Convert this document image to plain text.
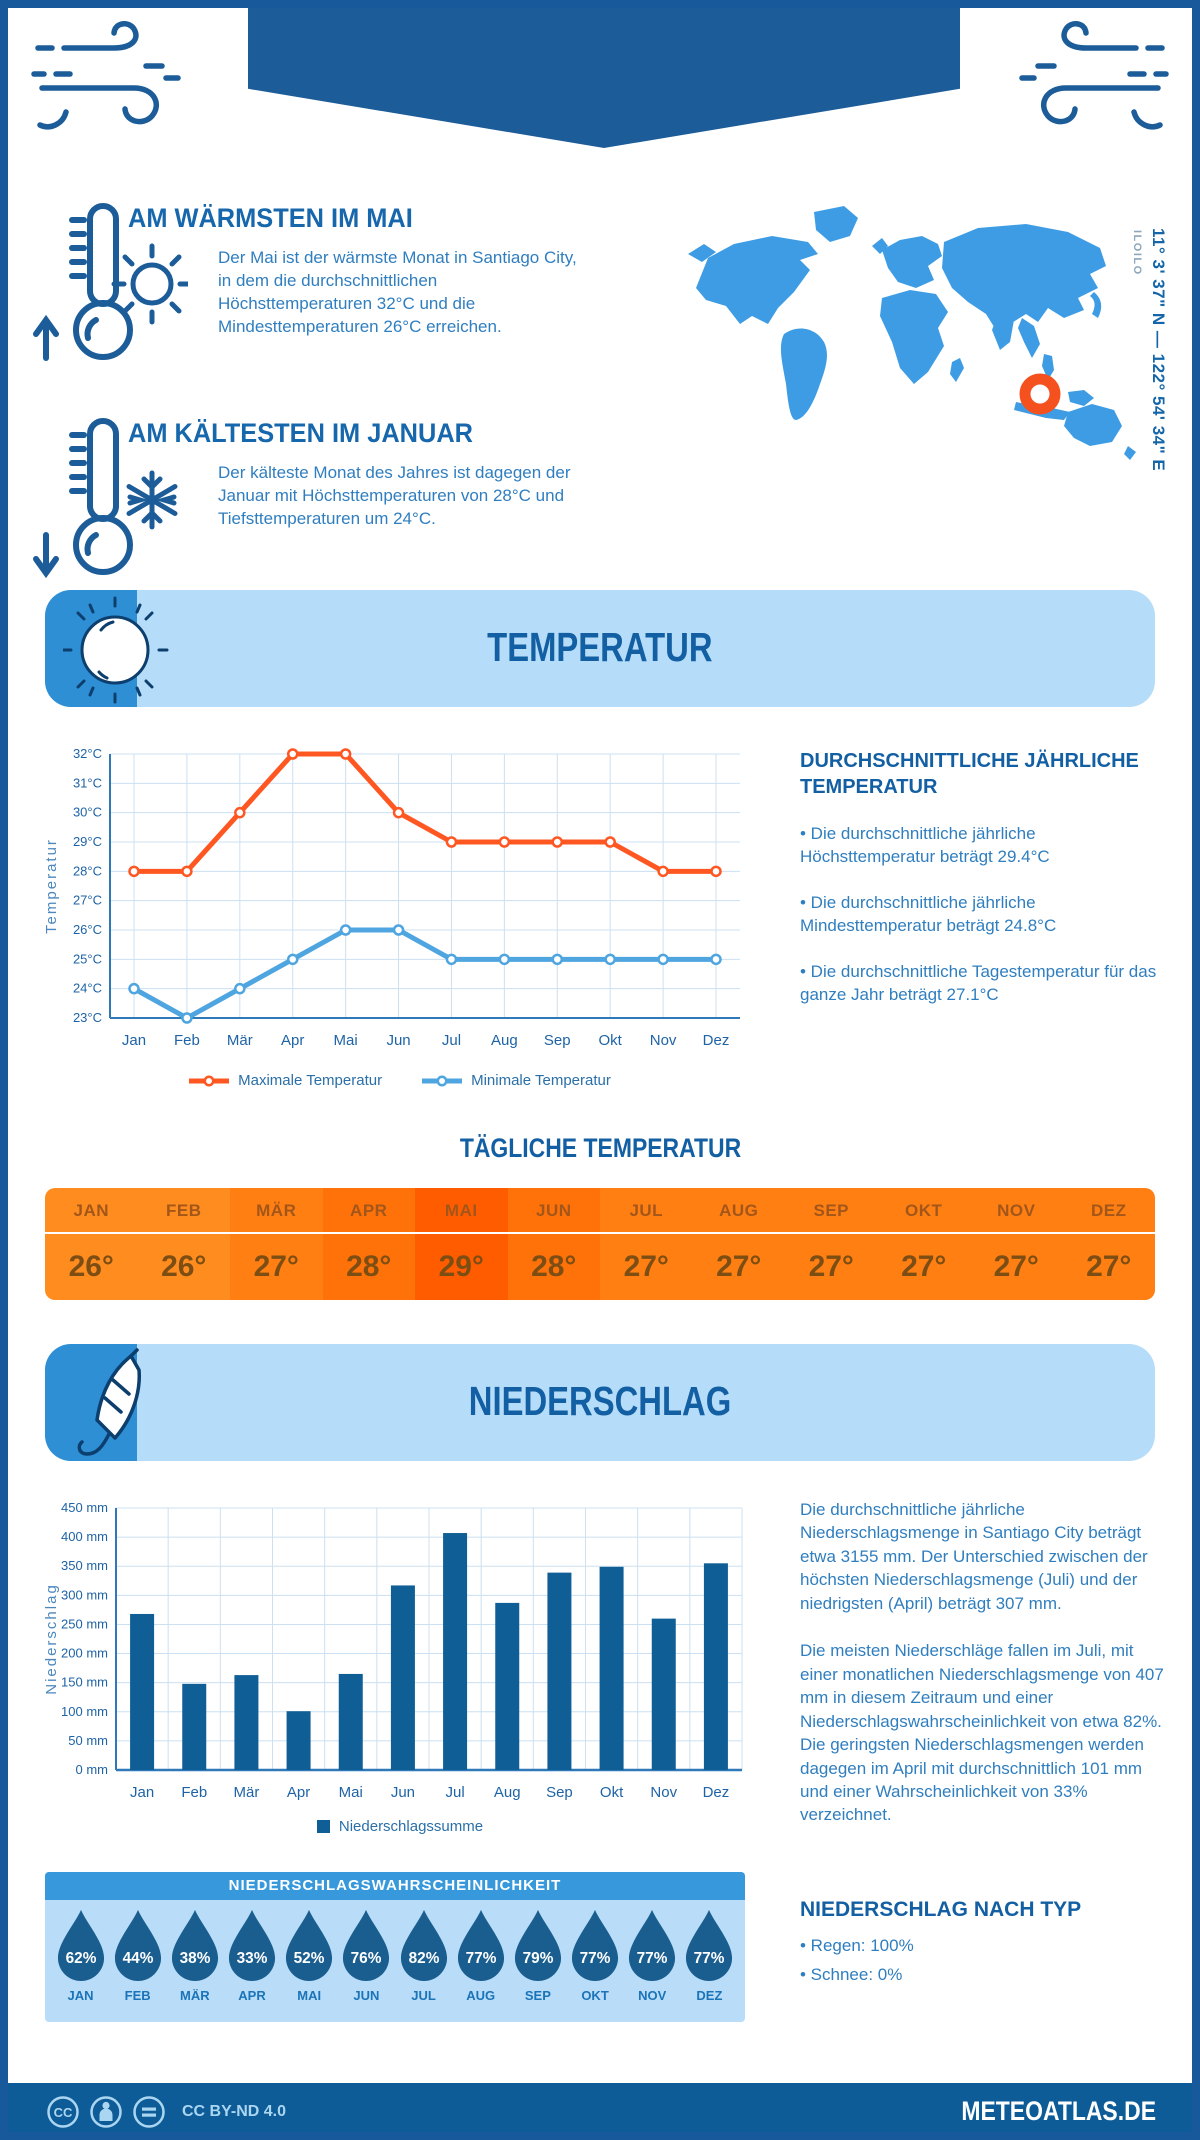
AM WÄRMSTEN IM MAI
Der Mai ist der wärmste Monat in Santiago City, in dem die durchschnittlichen Höchsttemperaturen 32°C und die Mindesttemperaturen 26°C erreichen.
AM KÄLTESTEN IM JANUAR
Der kälteste Monat des Jahres ist dagegen der Januar mit Höchsttemperaturen von 28°C und Tiefsttemperaturen um 24°C.
ILOILO 11° 3' 37" N — 122° 54' 34" E
TEMPERATUR
23°C
24°C
25°C
26°C
27°C
28°C
29°C
30°C
31°C
32°C
Jan Feb Mär Apr Mai Jun Jul Aug Sep Okt Nov Dez
Temperatur
Maximale Temperatur	Minimale Temperatur
DURCHSCHNITTLICHE JÄHRLICHE TEMPERATUR

• Die durchschnittliche jährliche Höchsttemperatur beträgt 29.4°C

• Die durchschnittliche jährliche Mindesttemperatur beträgt 24.8°C

• Die durchschnittliche Tagestemperatur für das ganze Jahr beträgt 27.1°C

TÄGLICHE TEMPERATUR
JAN
26°
FEB
26°
MÄR
27°
APR
28°
MAI
29°
JUN
28°
JUL
27°
AUG
27°
SEP
27°
OKT
27°
NOV
27°
DEZ
27°
NIEDERSCHLAG
0 mm
50 mm
100 mm
150 mm
200 mm
250 mm
300 mm
350 mm
400 mm
450 mm
Jan Feb Mär Apr Mai Jun Jul Aug Sep Okt Nov Dez
Niederschlag
Niederschlagssumme

Die durchschnittliche jährliche Niederschlagsmenge in Santiago City beträgt etwa 3155 mm. Der Unterschied zwischen der höchsten Niederschlagsmenge (Juli) und der niedrigsten (April) beträgt 307 mm.

Die meisten Niederschläge fallen im Juli, mit einer monatlichen Niederschlagsmenge von 407 mm in diesem Zeitraum und einer Niederschlagswahrscheinlichkeit von etwa 82%. Die geringsten Niederschlagsmengen werden dagegen im April mit durchschnittlich 101 mm und einer Wahrscheinlichkeit von 33% verzeichnet.

NIEDERSCHLAG NACH TYP

• Regen: 100%

• Schnee: 0%

NIEDERSCHLAGSWAHRSCHEINLICHKEIT
62%
JAN
44%
FEB
38%
MÄR
33%
APR
52%
MAI
76%
JUN
82%
JUL
77%
AUG
79%
SEP
77%
OKT
77%
NOV
77%
DEZ
CC	CC BY-ND 4.0	METEOATLAS.DE
